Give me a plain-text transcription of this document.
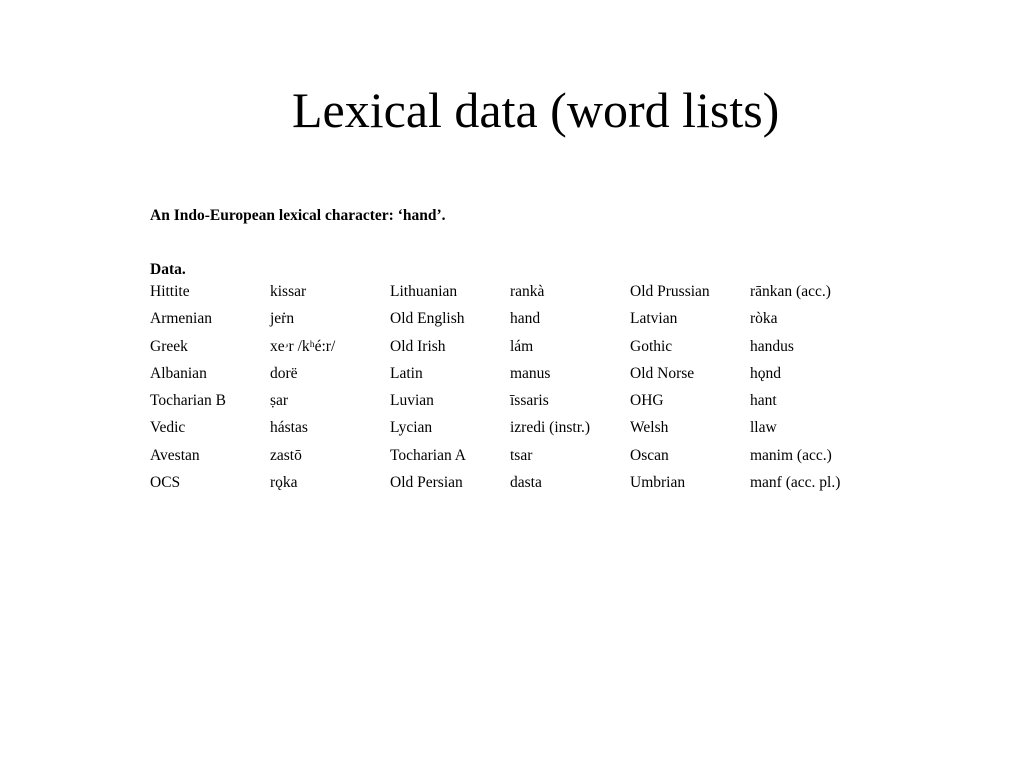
Lexical data (word lists)
An Indo-European lexical character: ‘hand’.
Data.
Hittite	kissar	Lithuanian	rankà	Old Prussian	rānkan (acc.)
Armenian	jeṙn	Old English	hand	Latvian	ròka
Greek	xeۥr /kʰé:r/	Old Irish	lám	Gothic	handus
Albanian	dorë	Latin	manus	Old Norse	hǫnd
Tocharian B	ṣar	Luvian	īssaris	OHG	hant
Vedic	hástas	Lycian	izredi (instr.)	Welsh	llaw
Avestan	zastō	Tocharian A	tsar	Oscan	manim (acc.)
OCS	rǫka	Old Persian	dasta	Umbrian	manf (acc. pl.)
